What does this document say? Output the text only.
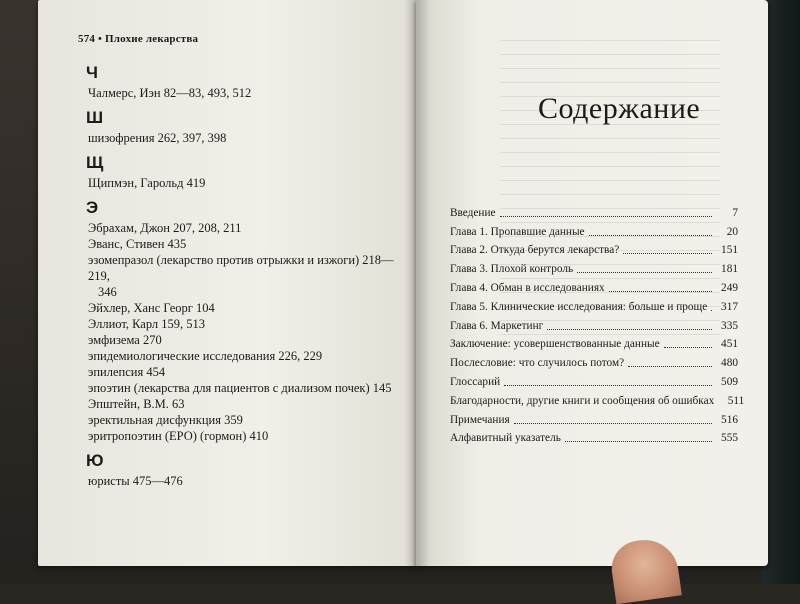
574 • Плохие лекарства
Ч
Чалмерс, Иэн 82—83, 493, 512
Ш
шизофрения 262, 397, 398
Щ
Щипмэн, Гарольд 419
Э
Эбрахам, Джон 207, 208, 211
Эванс, Стивен 435
эзомепразол (лекарство против отрыжки и изжоги) 218—219,
346
Эйхлер, Ханс Георг 104
Эллиот, Карл 159, 513
эмфизема 270
эпидемиологические исследования 226, 229
эпилепсия 454
эпоэтин (лекарства для пациентов с диализом почек) 145
Эпштейн, В.М. 63
эректильная дисфункция 359
эритропоэтин (ЕРО) (гормон) 410
Ю
юристы 475—476
Содержание
Введение	7
Глава 1. Пропавшие данные	20
Глава 2. Откуда берутся лекарства?	151
Глава 3. Плохой контроль	181
Глава 4. Обман в исследованиях	249
Глава 5. Клинические исследования: больше и проще	317
Глава 6. Маркетинг	335
Заключение: усовершенствованные данные	451
Послесловие: что случилось потом?	480
Глоссарий	509
Благодарности, другие книги и сообщения об ошибках	511
Примечания	516
Алфавитный указатель	555
